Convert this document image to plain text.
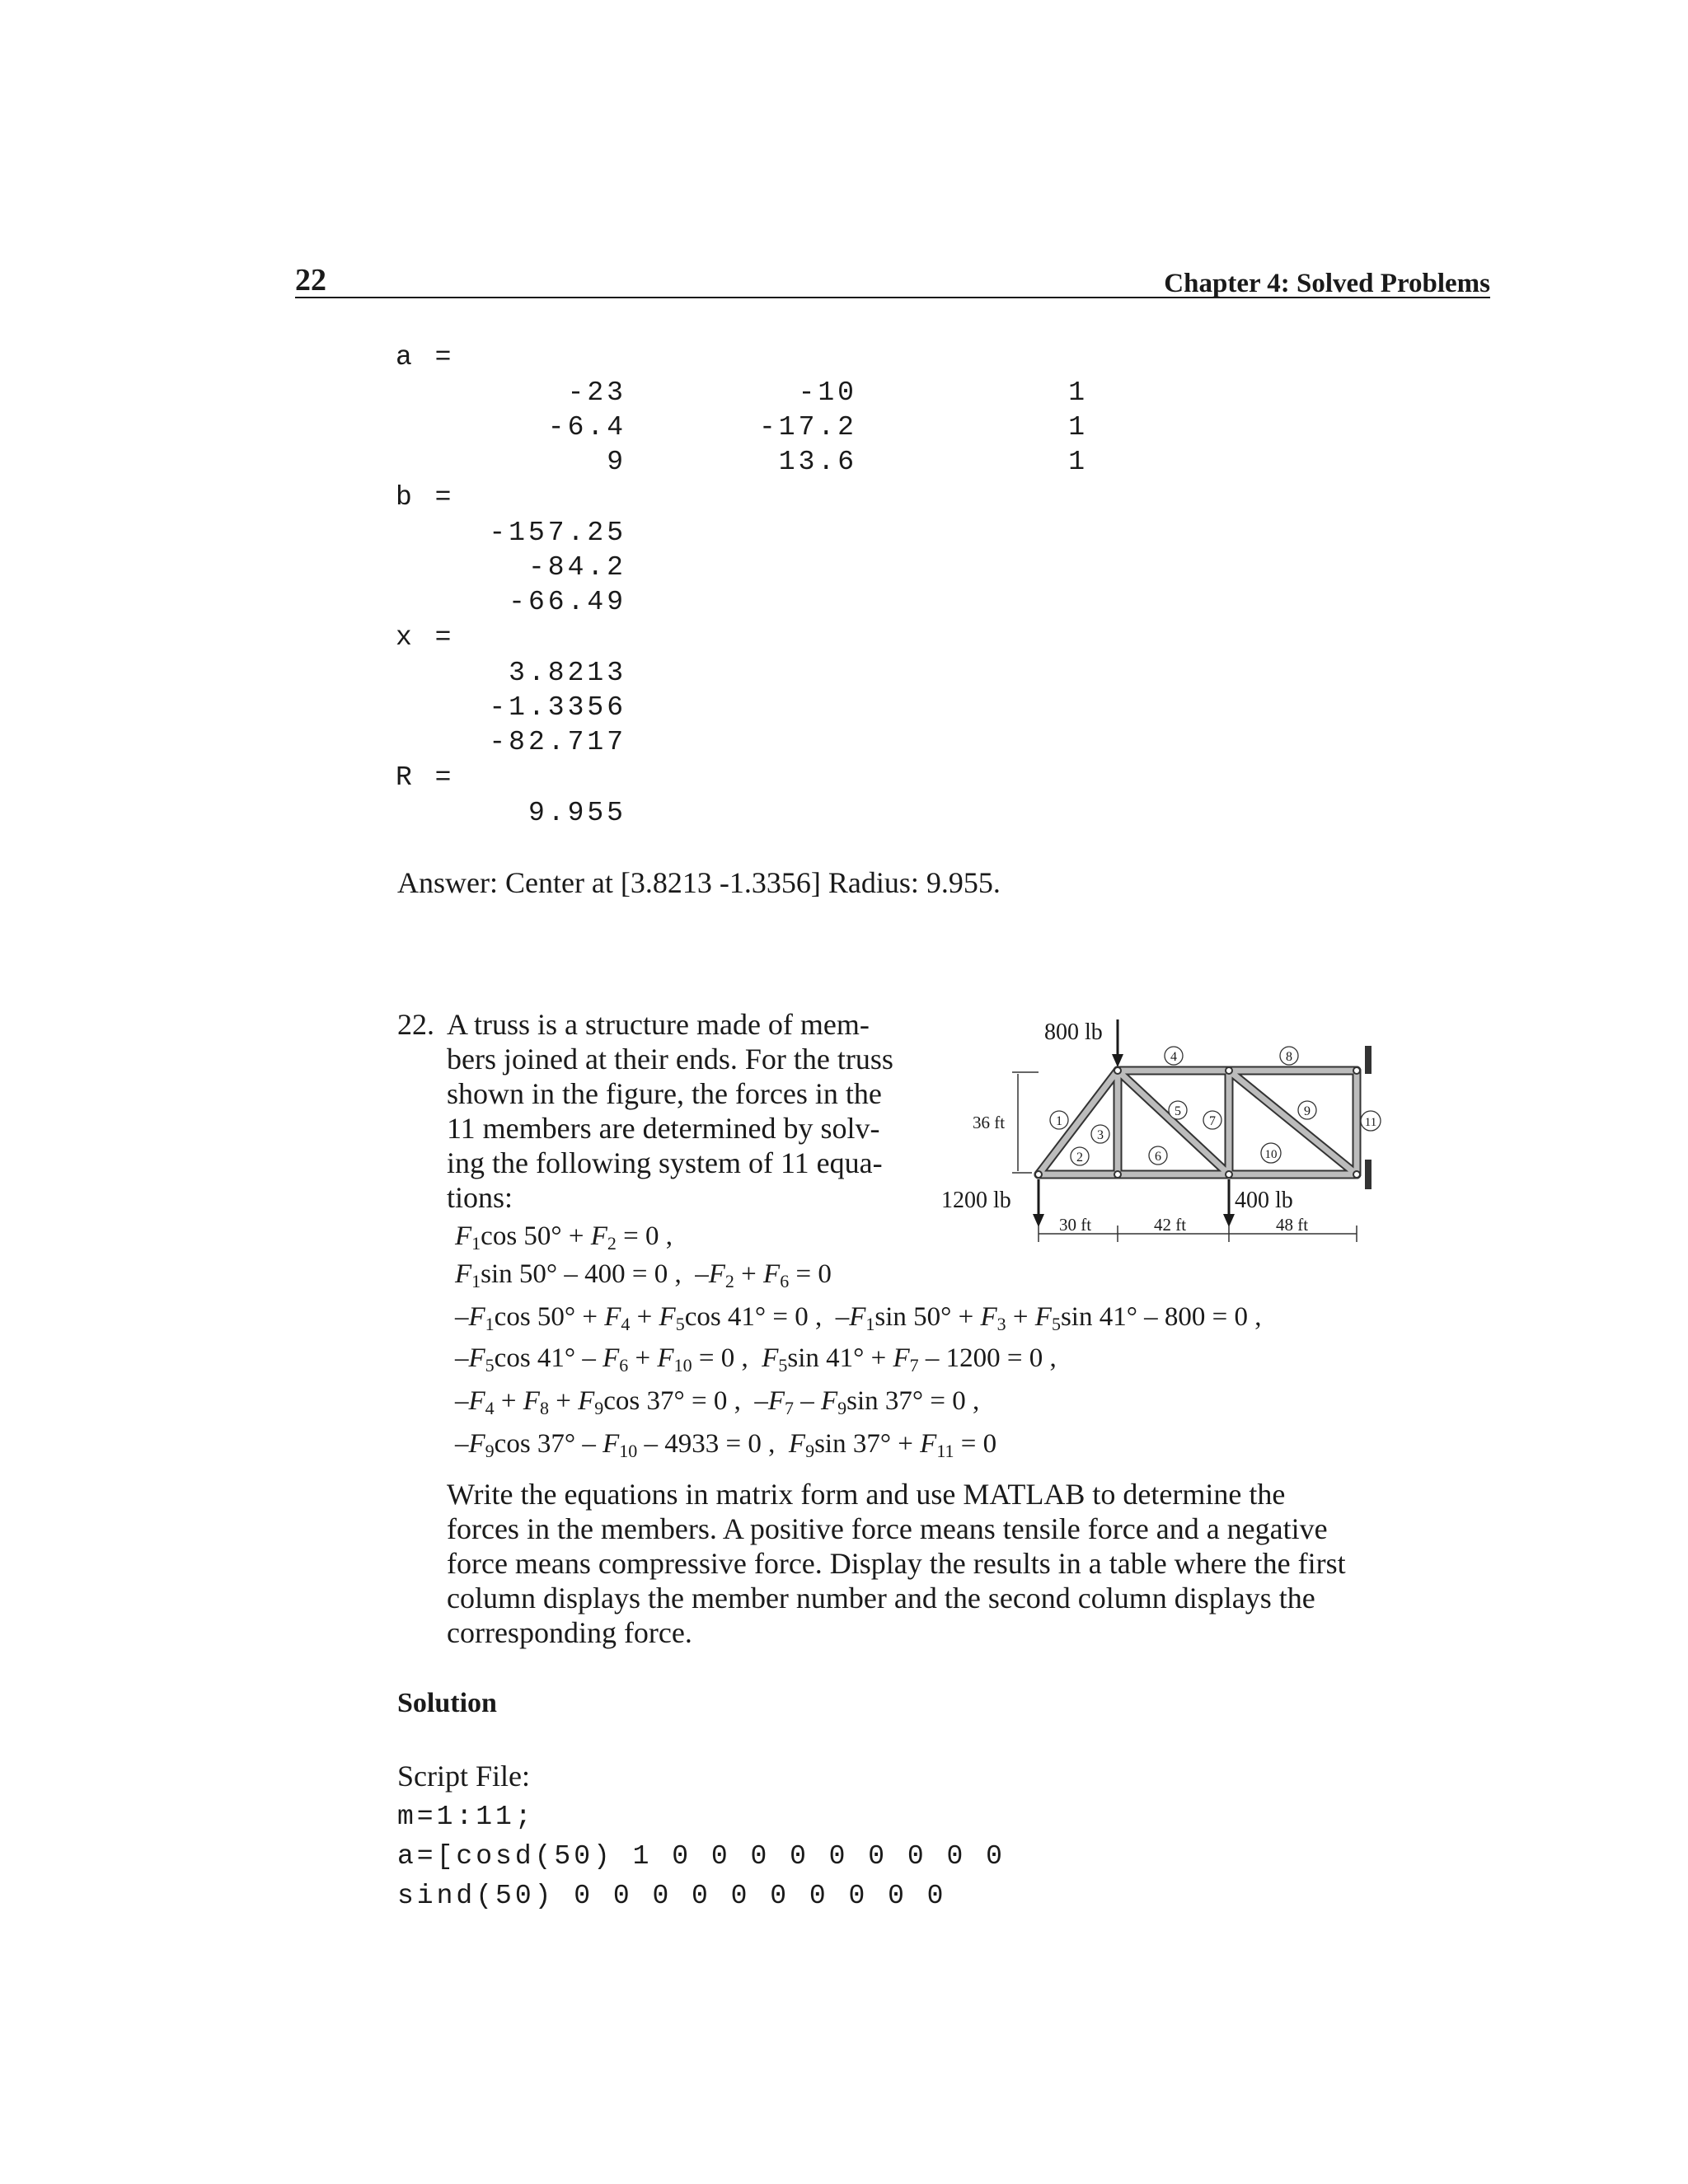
22	Chapter 4: Solved Problems
a =
-23	-10	1
-6.4	-17.2	1
9	13.6	1
b =
-157.25
-84.2
-66.49
x =
3.8213
-1.3356
-82.717
R =
9.955
Answer: Center at [3.8213 -1.3356] Radius: 9.955.
22. A truss is a structure made of mem-
bers joined at their ends. For the truss
shown in the figure, the forces in the
11 members are determined by solv-
ing the following system of 11 equa-
tions:
800 lb
1200 lb	400 lb
36 ft
30 ft	42 ft	48 ft
1
2
3
4
5
6
7
8
9
10
11
$F_1\cos$ $50^\circ + F_2 = 0$ ,
$F_1\sin$ 50° – 400 = 0 ,  $-F_2 + F_6 = 0$
$-F_1\cos$ $50^\circ + F_4 + F_5\cos$ 41° = 0 ,  $-F_1\sin$ $50^\circ + F_3 + F_5\sin$ 41° – 800 = 0 ,
$-F_5\cos$ $41^\circ - F_6 + F_{10} = 0$ ,  $F_5\sin$ $41^\circ + F_7 - 1200 = 0$ ,
$-F_4 + F_8 + F_9\cos$ 37° = 0 ,  $-F_7 - F_9\sin$ 37° = 0 ,
$-F_9\cos$ $37^\circ - F_{10} - 4933 = 0$ ,  $F_9\sin$ $37^\circ + F_{11} = 0$
Write the equations in matrix form and use MATLAB to determine the
forces in the members. A positive force means tensile force and a negative
force means compressive force. Display the results in a table where the first
column displays the member number and the second column displays the
corresponding force.
Solution
Script File:
m=1:11;
a=[cosd(50) 1 0 0 0 0 0 0 0 0 0
sind(50) 0 0 0 0 0 0 0 0 0 0
